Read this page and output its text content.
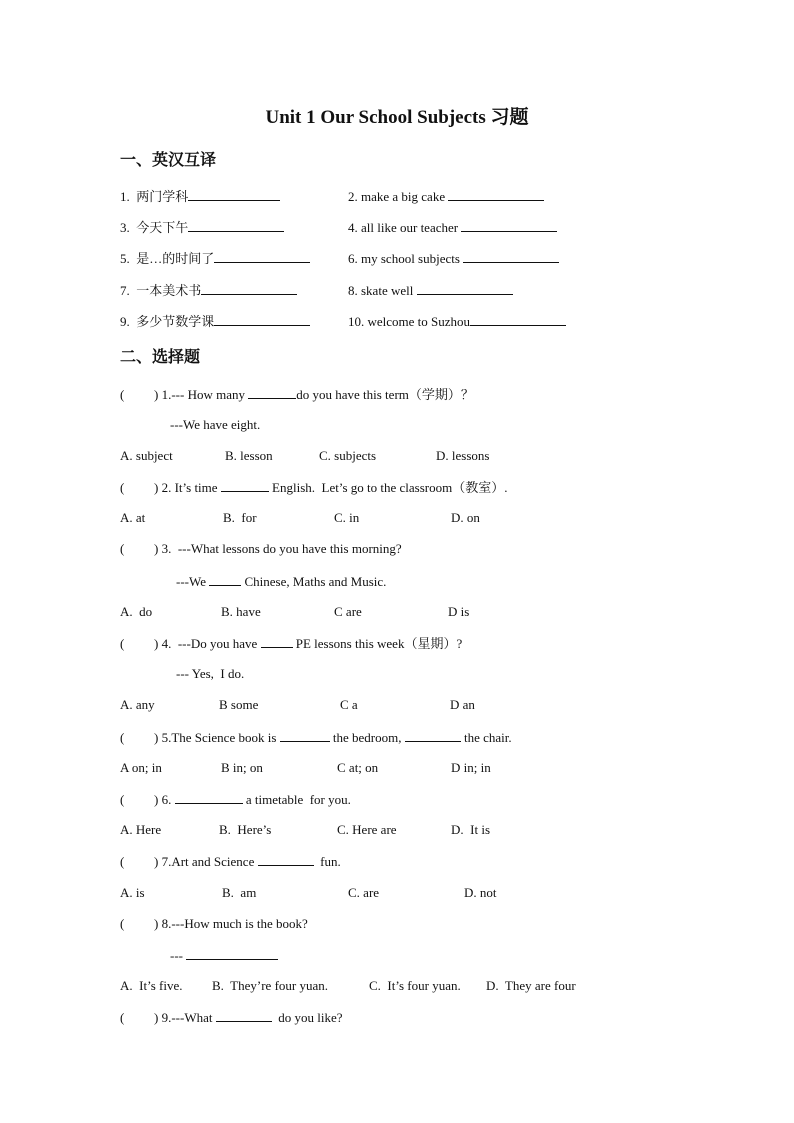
Unit 1 Our School Subjects 习题
一、英汉互译
1.  两门学科	2. make a big cake
3.  今天下午	4. all like our teacher
5.  是…的时间了	6. my school subjects
7.  一本美术书	8. skate well
9.  多少节数学课	10. welcome to Suzhou
二、选择题
( ) 1.--- How many	do you have this term（学期）？
---We have eight.
A. subject	B. lesson	C. subjects	D. lessons
( ) 2. It’s time	English.  Let’s go to the classroom（教室）.
A. at	B.  for	C. in	D. on
( ) 3.  ---What lessons do you have this morning?
---We  Chinese, Maths and Music.
A.  do	B. have	C are	D is
( ) 4.  ---Do you have  PE lessons this week（星期）?
--- Yes,  I do.
A. any	B some	C a	D an
( ) 5.The Science book is	the bedroom,	the chair.
A on; in	B in; on	C at; on	D in; in
( ) 6.	a timetable  for you.
A. Here	B.  Here’s	C. Here are	D.  It is
( ) 7.Art and Science	fun.
A. is	B.  am	C. are	D. not
( ) 8.---How much is the book?
---
A.  It’s five. B.  They’re four yuan.	C.  It’s four yuan. D.  They are four
( ) 9.---What	do you like?
